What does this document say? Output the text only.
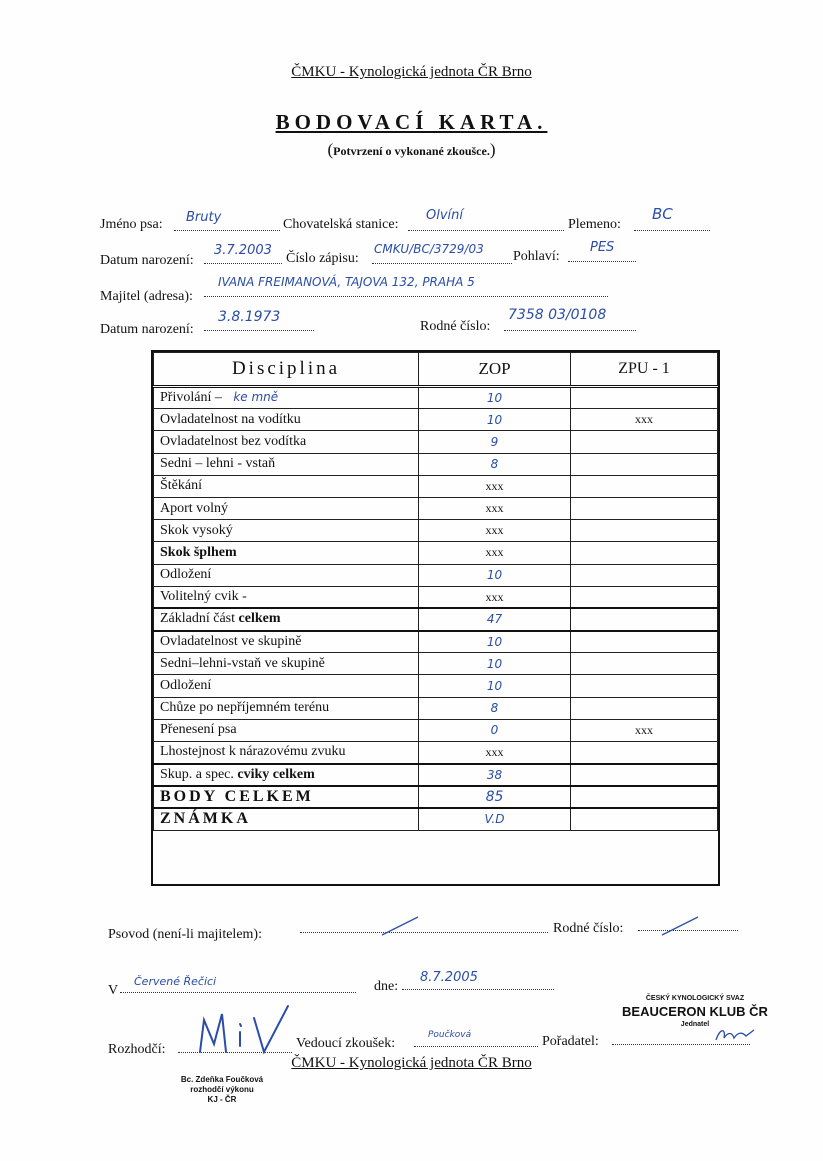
ČMKU - Kynologická jednota ČR Brno
BODOVACÍ KARTA.
(Potvrzení o vykonané zkoušce.)
Jméno psa: Bruty	Chovatelská stanice:
Olvíní
Plemeno:
BC
Datum narození:
3.7.2003
Číslo zápisu:
CMKU/BC/3729/03 Pohlaví:
PES
Majitel (adresa):
IVANA FREIMANOVÁ, TAJOVA 132, PRAHA 5
Datum narození:
3.8.1973
Rodné číslo:
7358 03/0108
Disciplina	ZOP	ZPU - 1
Přivolání – ke mně	10	
Ovladatelnost na vodítku	10	xxx
Ovladatelnost bez vodítka	9	
Sedni – lehni - vstaň	8	
Štěkání	xxx	
Aport volný	xxx	
Skok vysoký	xxx	
Skok šplhem	xxx	
Odložení	10	
Volitelný cvik -	xxx	
Základní část celkem	47	
Ovladatelnost ve skupině	10	
Sedni–lehni-vstaň ve skupině	10	
Odložení	10	
Chůze po nepříjemném terénu	8	
Přenesení psa	0	xxx
Lhostejnost k nárazovému zvuku	xxx	
Skup. a spec. cviky celkem	38	
BODY CELKEM	85	
ZNÁMKA	V.D	
Psovod (není-li majitelem):	Rodné číslo:
V
Červené Řečici	dne:
8.7.2005
Rozhodčí:	Vedoucí zkoušek:
Poučková	Pořadatel:
ČESKÝ KYNOLOGICKÝ SVAZ
BEAUCERON KLUB ČR
Jednatel
ČMKU - Kynologická jednota ČR Brno
Bc. Zdeňka Foučková
rozhodčí výkonu
KJ - ČR
